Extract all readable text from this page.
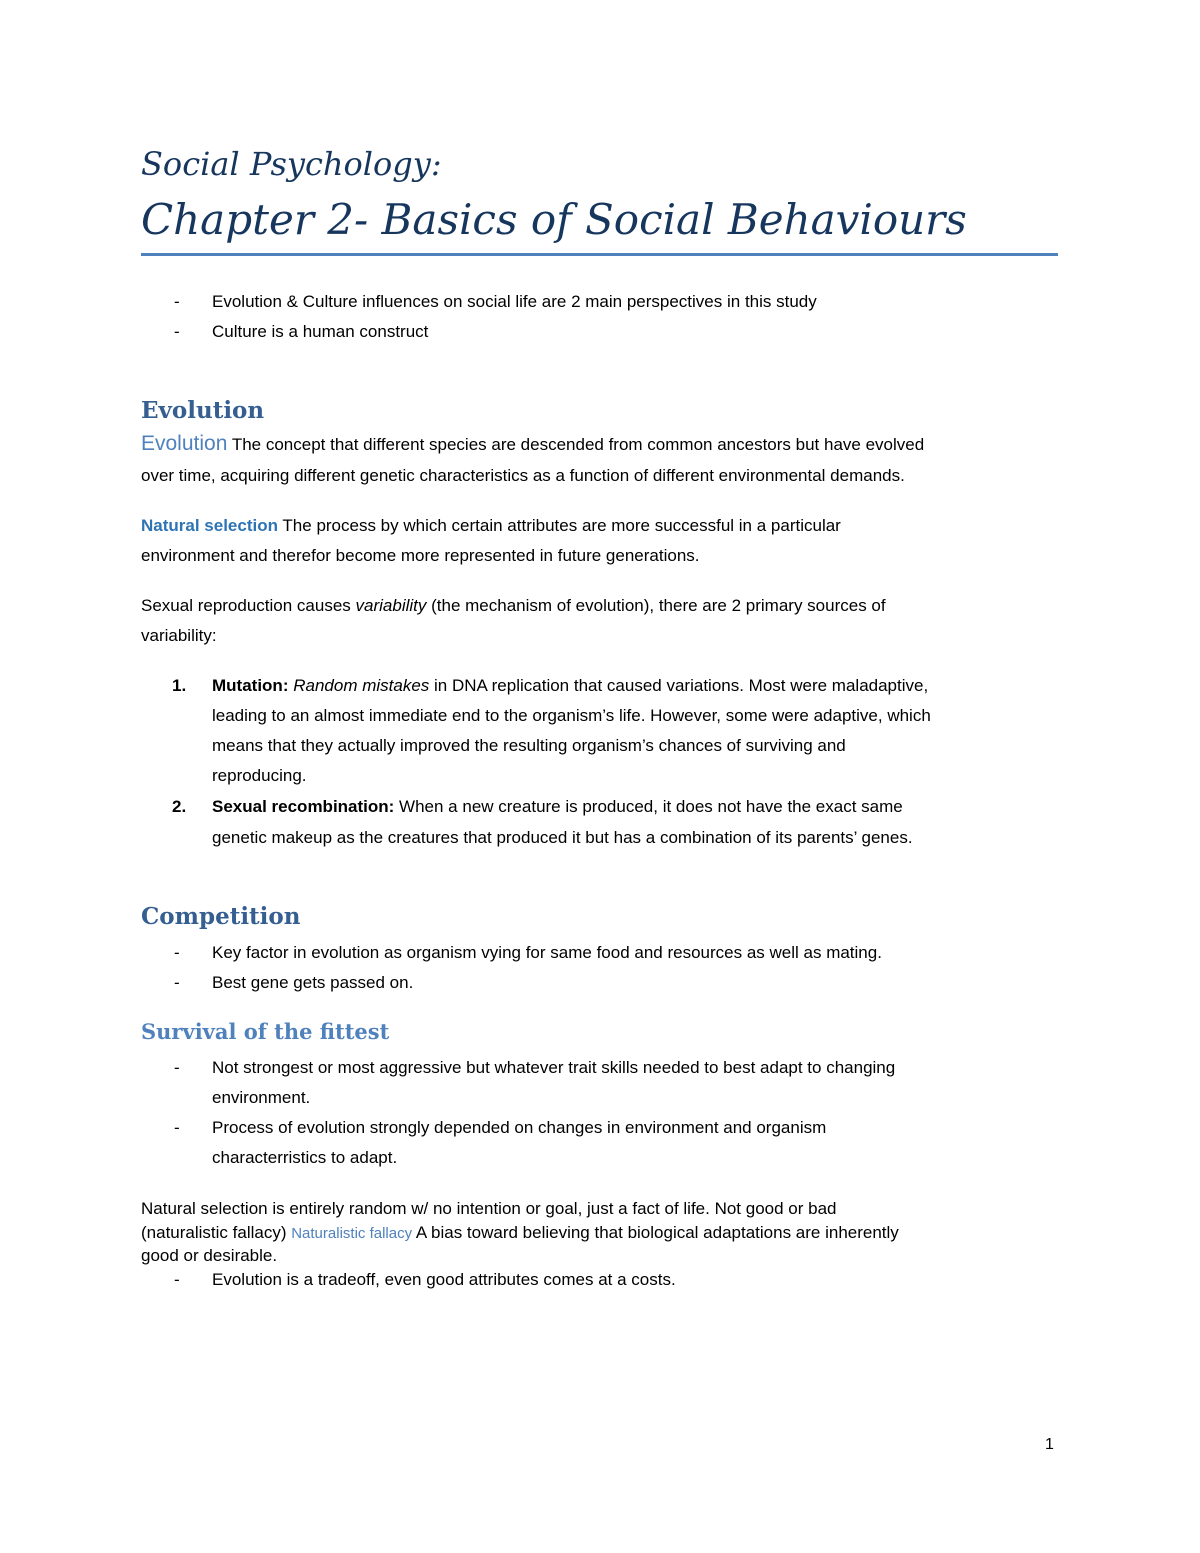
Social Psychology:
Chapter 2- Basics of Social Behaviours

- Evolution & Culture influences on social life are 2 main perspectives in this study

- Culture is a human construct

Evolution

Evolution The concept that different species are descended from common ancestors but have evolved

over time, acquiring different genetic characteristics as a function of different environmental demands.

Natural selection The process by which certain attributes are more successful in a particular

environment and therefor become more represented in future generations.

Sexual reproduction causes variability (the mechanism of evolution), there are 2 primary sources of

variability:

1. Mutation: Random mistakes in DNA replication that caused variations. Most were maladaptive,

leading to an almost immediate end to the organism’s life. However, some were adaptive, which

means that they actually improved the resulting organism’s chances of surviving and

reproducing.

2. Sexual recombination: When a new creature is produced, it does not have the exact same

genetic makeup as the creatures that produced it but has a combination of its parents’ genes.

Competition

- Key factor in evolution as organism vying for same food and resources as well as mating.

- Best gene gets passed on.

Survival of the fittest

- Not strongest or most aggressive but whatever trait skills needed to best adapt to changing

environment.

- Process of evolution strongly depended on changes in environment and organism

characterristics to adapt.

Natural selection is entirely random w/ no intention or goal, just a fact of life. Not good or bad

(naturalistic fallacy) Naturalistic fallacy A bias toward believing that biological adaptations are inherently

good or desirable.

- Evolution is a tradeoff, even good attributes comes at a costs.

1
